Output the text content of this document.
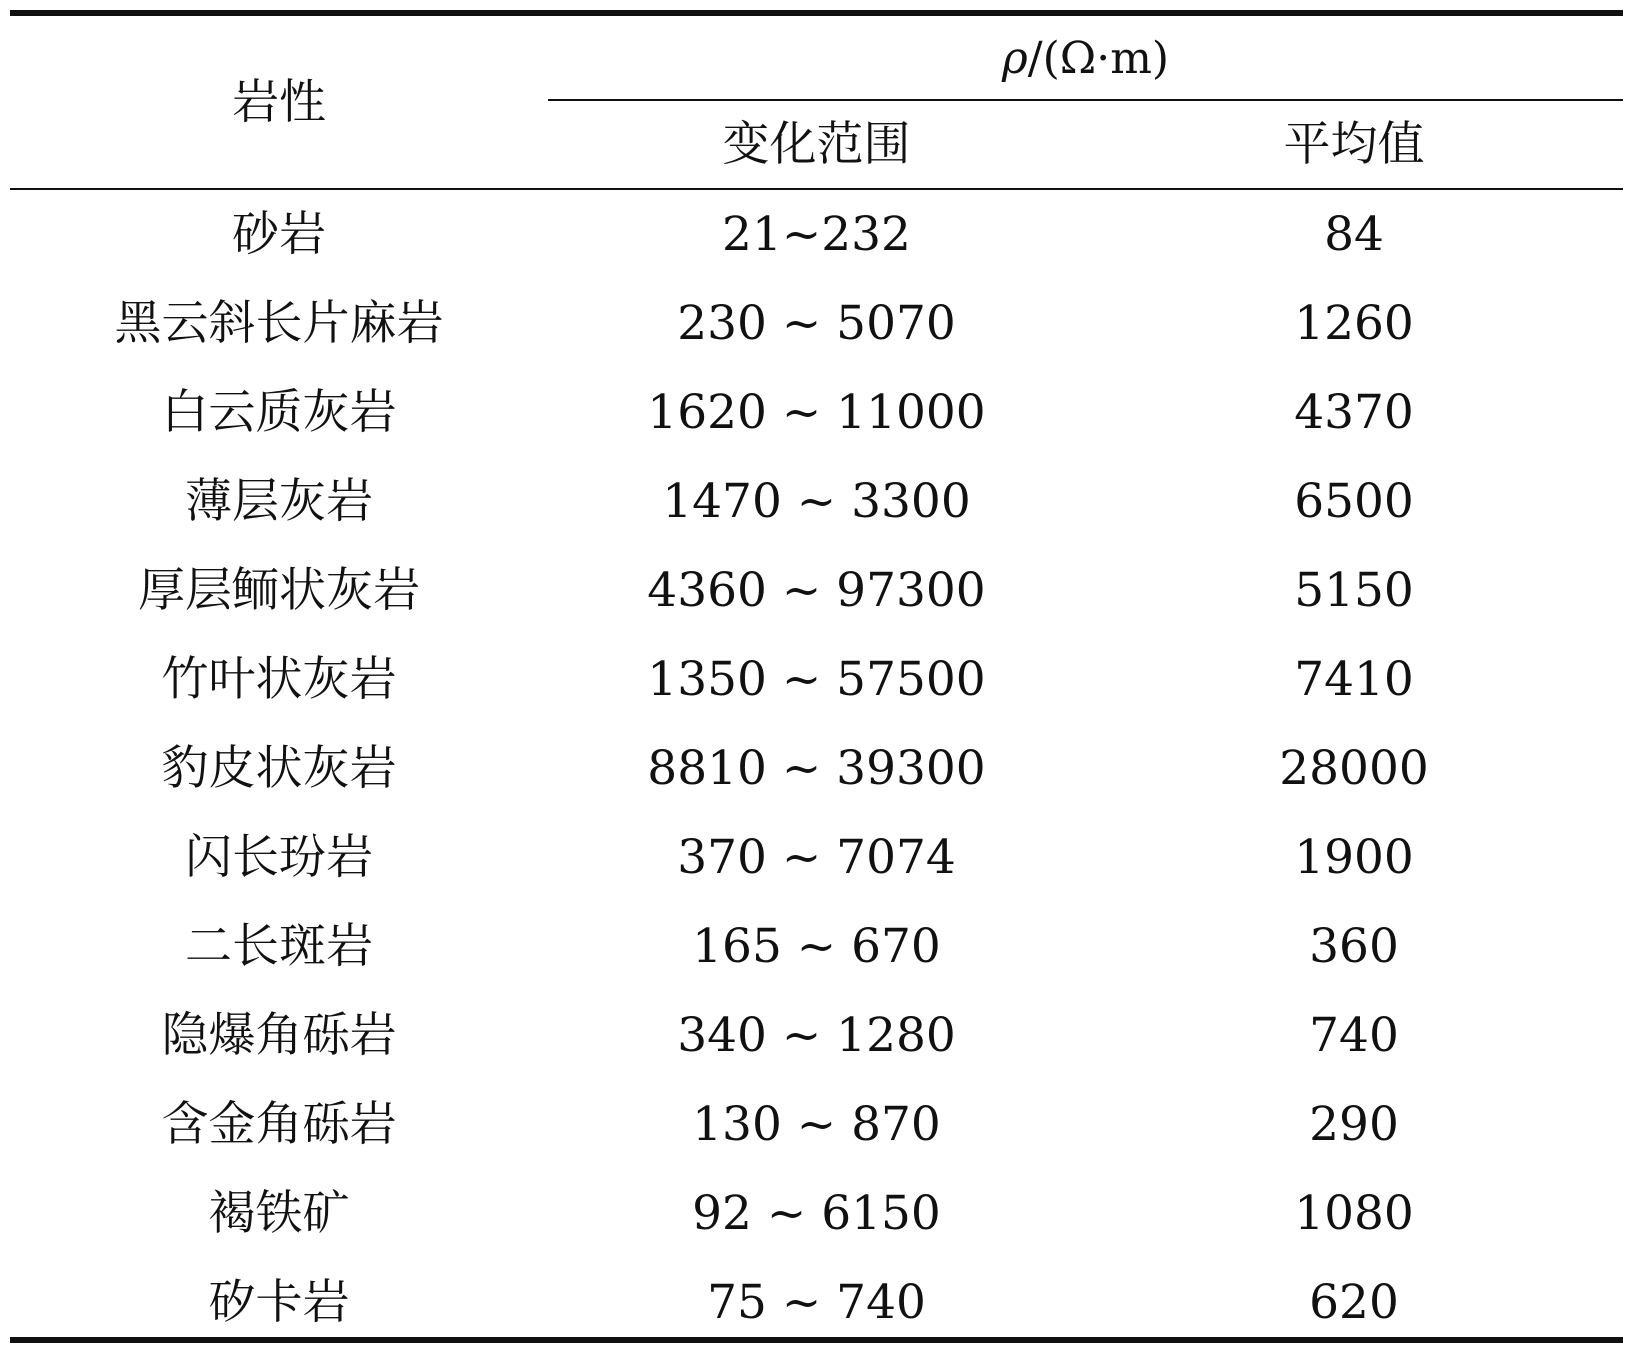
岩性
ρ /(Ω·m)
变化范围	平均值
砂岩	21~232	84
黑云斜长片麻岩	230 ~ 5070	1260
白云质灰岩	1620 ~ 11000	4370
薄层灰岩	1470 ~ 3300	6500
厚层鲕状灰岩	4360 ~ 97300	5150
竹叶状灰岩	1350 ~ 57500	7410
豹皮状灰岩	8810 ~ 39300	28000
闪长玢岩	370 ~ 7074	1900
二长斑岩	165 ~ 670	360
隐爆角砾岩	340 ~ 1280	740
含金角砾岩	130 ~ 870	290
褐铁矿	92 ~ 6150	1080
矽卡岩	75 ~ 740	620
